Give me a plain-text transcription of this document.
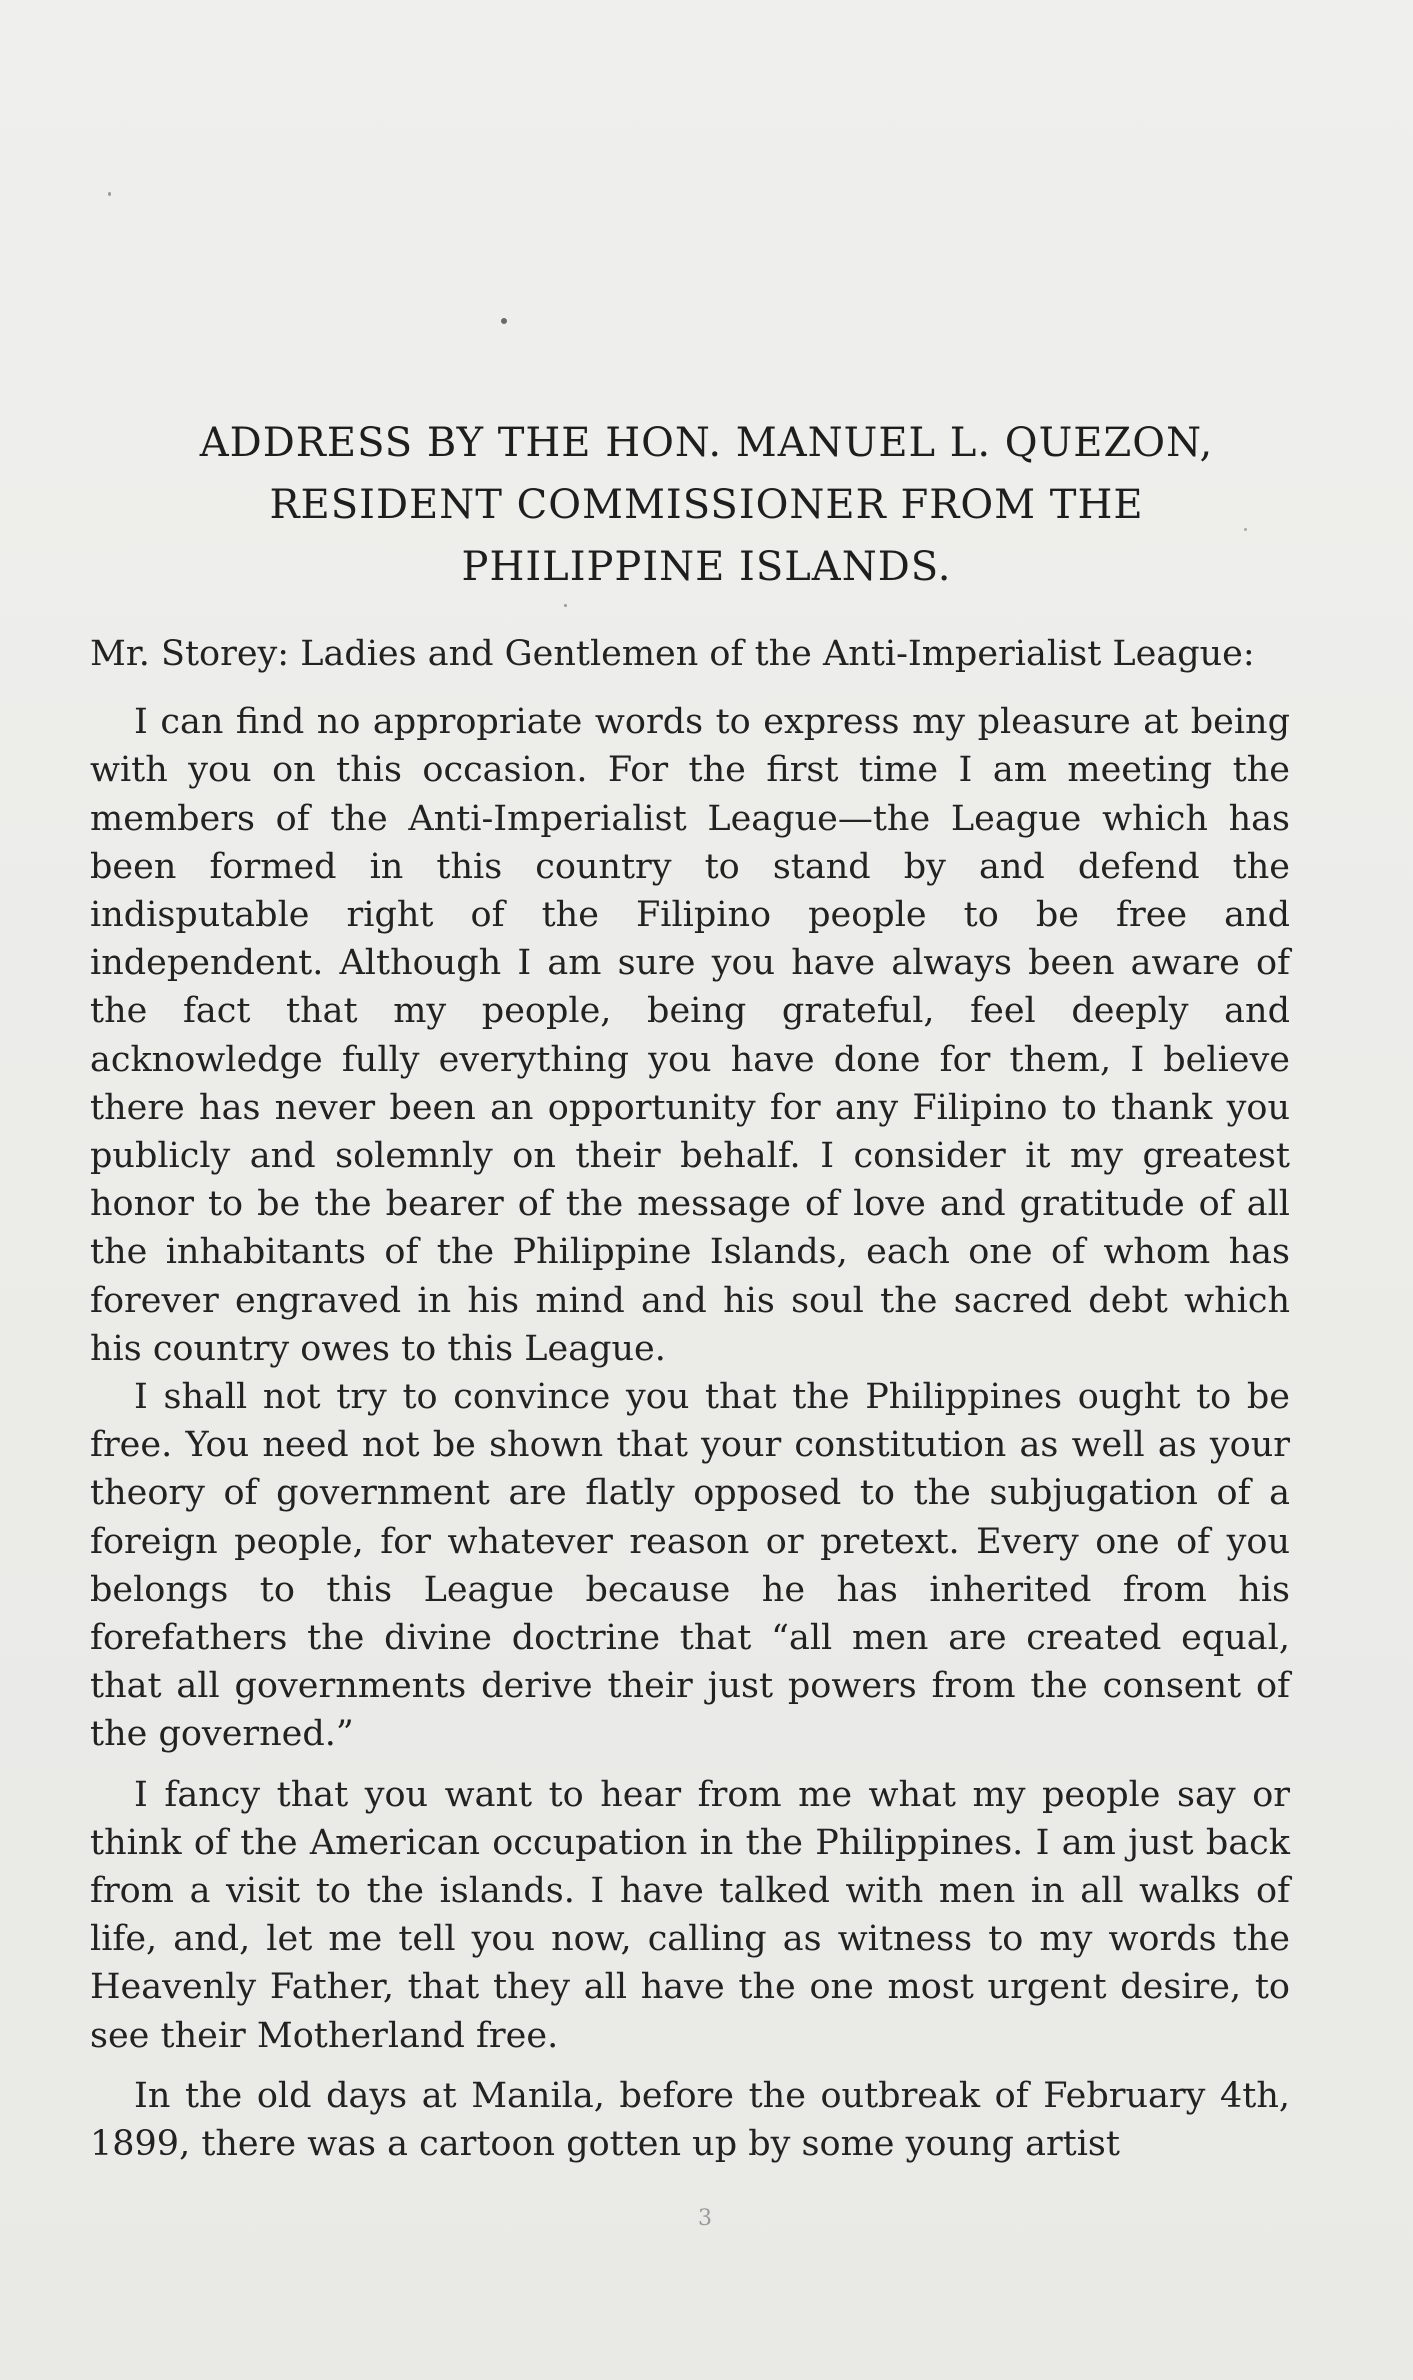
ADDRESS BY THE HON. MANUEL L. QUEZON,
RESIDENT COMMISSIONER FROM THE
PHILIPPINE ISLANDS.

Mr. Storey: Ladies and Gentlemen of the Anti-Imperialist League:

I can find no appropriate words to express my pleasure at being with you on this occasion. For the first time I am meeting the members of the Anti-Imperialist League—the League which has been formed in this country to stand by and defend the indisputable right of the Filipino people to be free and independent. Although I am sure you have always been aware of the fact that my people, being grateful, feel deeply and acknowledge fully everything you have done for them, I believe there has never been an opportunity for any Filipino to thank you publicly and solemnly on their behalf. I consider it my greatest honor to be the bearer of the message of love and gratitude of all the inhabitants of the Philippine Islands, each one of whom has forever engraved in his mind and his soul the sacred debt which his country owes to this League.

I shall not try to convince you that the Philippines ought to be free. You need not be shown that your constitution as well as your theory of government are flatly opposed to the subjugation of a foreign people, for whatever reason or pretext. Every one of you belongs to this League because he has inherited from his forefathers the divine doctrine that “all men are created equal, that all governments derive their just powers from the consent of the governed.”

I fancy that you want to hear from me what my people say or think of the American occupation in the Philippines. I am just back from a visit to the islands. I have talked with men in all walks of life, and, let me tell you now, calling as witness to my words the Heavenly Father, that they all have the one most urgent desire, to see their Motherland free.

In the old days at Manila, before the outbreak of February 4th, 1899, there was a cartoon gotten up by some young artist

3
